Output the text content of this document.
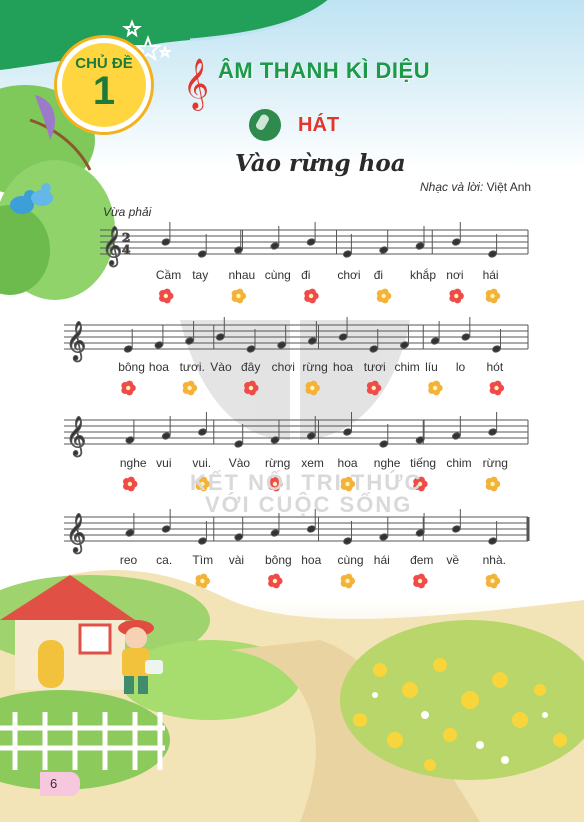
𝄞
𝄞
𝄞
𝄞
𝄞
2
4
CHỦ ĐỀ
1	ÂM THANH KÌ DIỆU
HÁT
Vào rừng hoa
Nhạc và lời: Việt Anh
Vừa phải
KẾT NỐI TRI THỨC
VỚI CUỘC SỐNG
Cầm tay nhau cùng đi chơi đi khắp nơi hái
bông hoa tươi. Vào đây chơi rừng hoa tươi chim líu lo hót
nghe vui vui. Vào rừng xem hoa nghe tiếng chim rừng
reo ca. Tìm vài bông hoa cùng hái đem về nhà.
6
